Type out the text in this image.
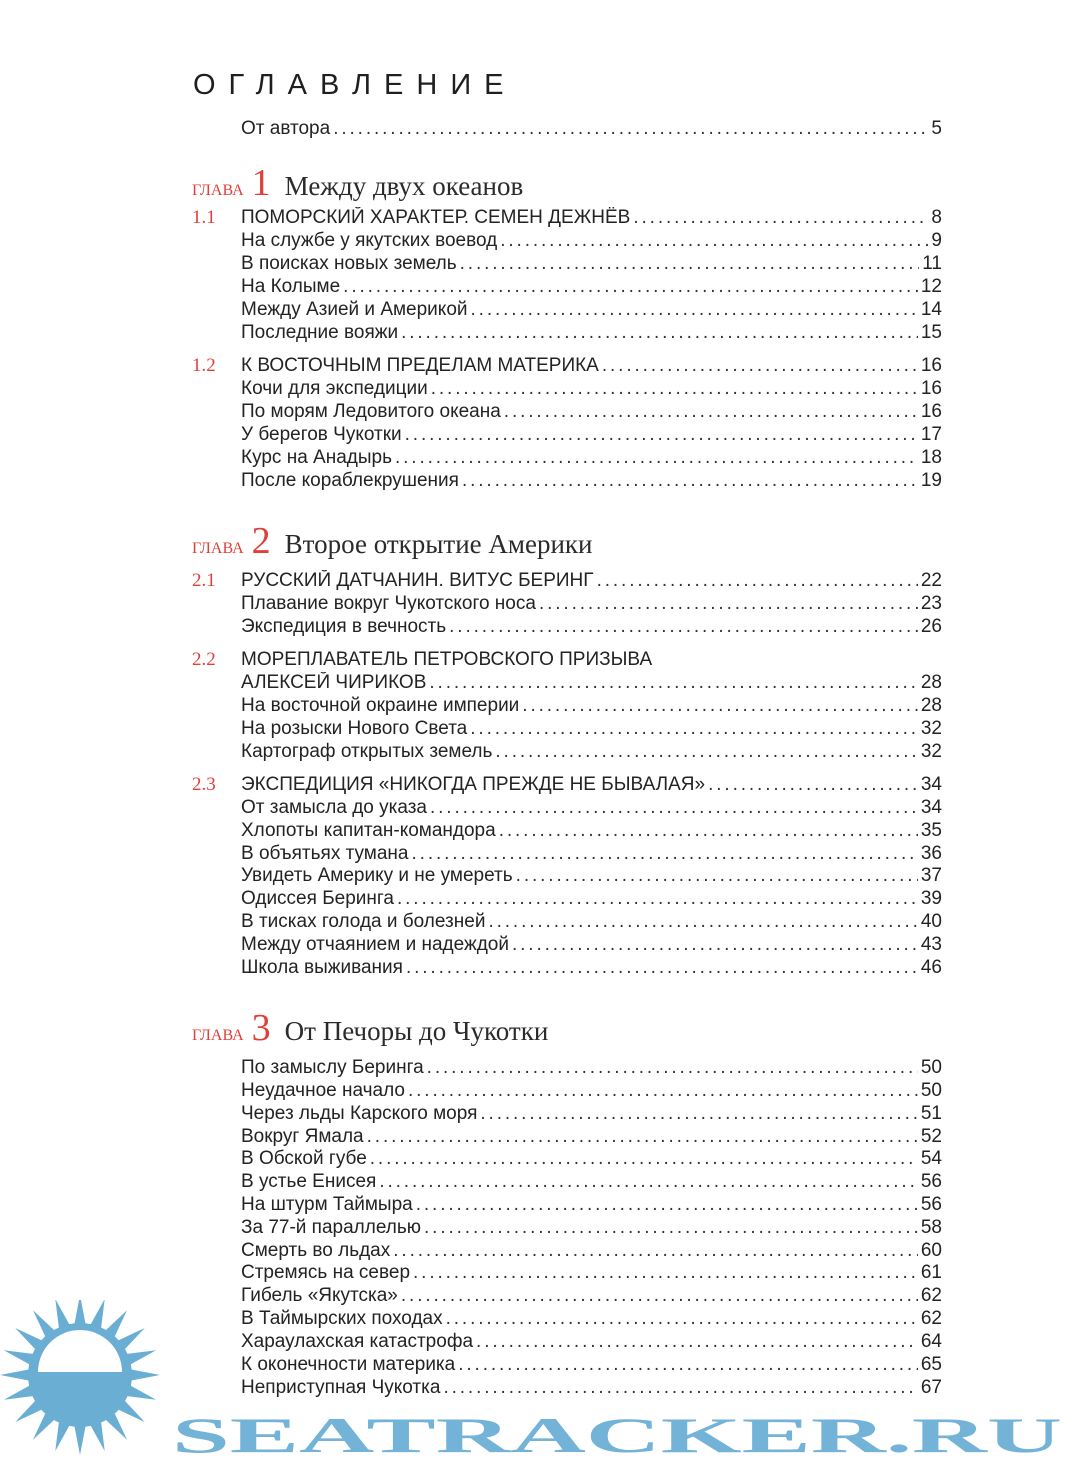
ОГЛАВЛЕНИЕ
От автора . . .	5
ГЛАВА 1 Между двух океанов
1.1	ПОМОРСКИЙ ХАРАКТЕР. СЕМЕН ДЕЖНЁВ . . .	8
На службе у якутских воевод . . .	9
В поисках новых земель . . .	11
На Колыме . . .	12
Между Азией и Америкой . . .	14
Последние вояжи . . .	15
1.2	К ВОСТОЧНЫМ ПРЕДЕЛАМ МАТЕРИКА . . .	16
Кочи для экспедиции . . .	16
По морям Ледовитого океана . . .	16
У берегов Чукотки . . .	17
Курс на Анадырь . . .	18
После кораблекрушения . . .	19
ГЛАВА 2 Второе открытие Америки
2.1	РУССКИЙ ДАТЧАНИН. ВИТУС БЕРИНГ . . .	22
Плавание вокруг Чукотского носа . . .	23
Экспедиция в вечность . . .	26
2.2	МОРЕПЛАВАТЕЛЬ ПЕТРОВСКОГО ПРИЗЫВА
АЛЕКСЕЙ ЧИРИКОВ . . .	28
На восточной окраине империи . . .	28
На розыски Нового Света . . .	32
Картограф открытых земель . . .	32
2.3	ЭКСПЕДИЦИЯ «НИКОГДА ПРЕЖДЕ НЕ БЫВАЛАЯ» . . .	34
От замысла до указа . . .	34
Хлопоты капитан-командора . . .	35
В объятьях тумана . . .	36
Увидеть Америку и не умереть . . .	37
Одиссея Беринга . . .	39
В тисках голода и болезней . . .	40
Между отчаянием и надеждой . . .	43
Школа выживания . . .	46
ГЛАВА 3 От Печоры до Чукотки
По замыслу Беринга . . .	50
Неудачное начало . . .	50
Через льды Карского моря . . .	51
Вокруг Ямала . . .	52
В Обской губе . . .	54
В устье Енисея . . .	56
На штурм Таймыра . . .	56
За 77-й параллелью . . .	58
Смерть во льдах . . .	60
Стремясь на север . . .	61
Гибель «Якутска» . . .	62
В Таймырских походах . . .	62
Хараулахская катастрофа . . .	64
К оконечности материка . . .	65
Неприступная Чукотка . . .	67
SEATRACKER.RU
